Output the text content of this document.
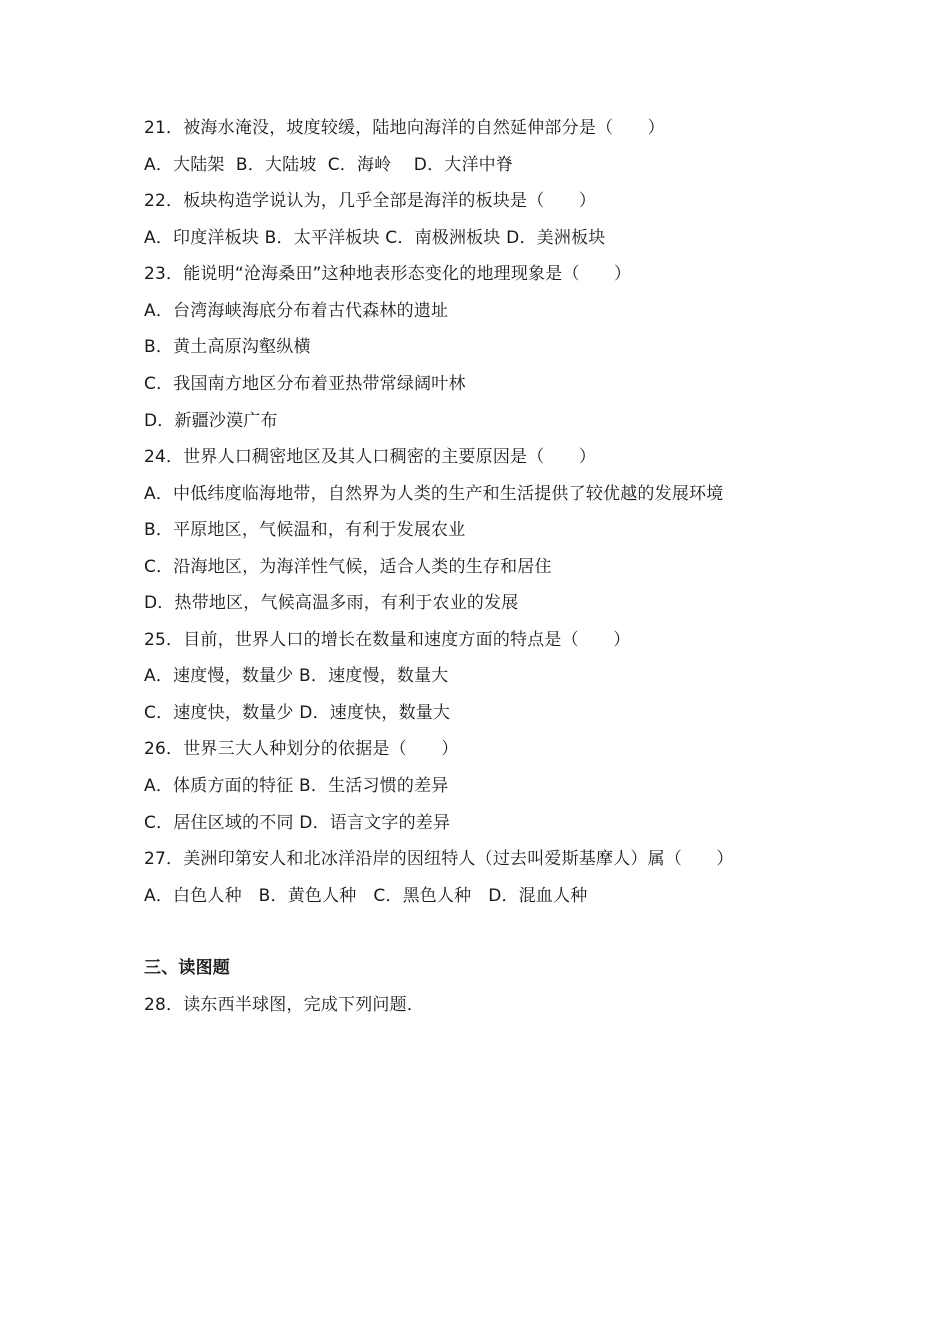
21．被海水淹没，坡度较缓，陆地向海洋的自然延伸部分是（　　）
A．大陆架  B．大陆坡  C．海岭    D．大洋中脊
22．板块构造学说认为，几乎全部是海洋的板块是（　　）
A．印度洋板块 B．太平洋板块 C．南极洲板块 D．美洲板块
23．能说明“沧海桑田”这种地表形态变化的地理现象是（　　）
A．台湾海峡海底分布着古代森林的遗址
B．黄土高原沟壑纵横
C．我国南方地区分布着亚热带常绿阔叶林
D．新疆沙漠广布
24．世界人口稠密地区及其人口稠密的主要原因是（　　）
A．中低纬度临海地带，自然界为人类的生产和生活提供了较优越的发展环境
B．平原地区，气候温和，有利于发展农业
C．沿海地区，为海洋性气候，适合人类的生存和居住
D．热带地区，气候高温多雨，有利于农业的发展
25．目前，世界人口的增长在数量和速度方面的特点是（　　）
A．速度慢，数量少 B．速度慢，数量大
C．速度快，数量少 D．速度快，数量大
26．世界三大人种划分的依据是（　　）
A．体质方面的特征 B．生活习惯的差异
C．居住区域的不同 D．语言文字的差异
27．美洲印第安人和北冰洋沿岸的因纽特人（过去叫爱斯基摩人）属（　　）
A．白色人种   B．黄色人种   C．黑色人种   D．混血人种
三、读图题
28．读东西半球图，完成下列问题．
